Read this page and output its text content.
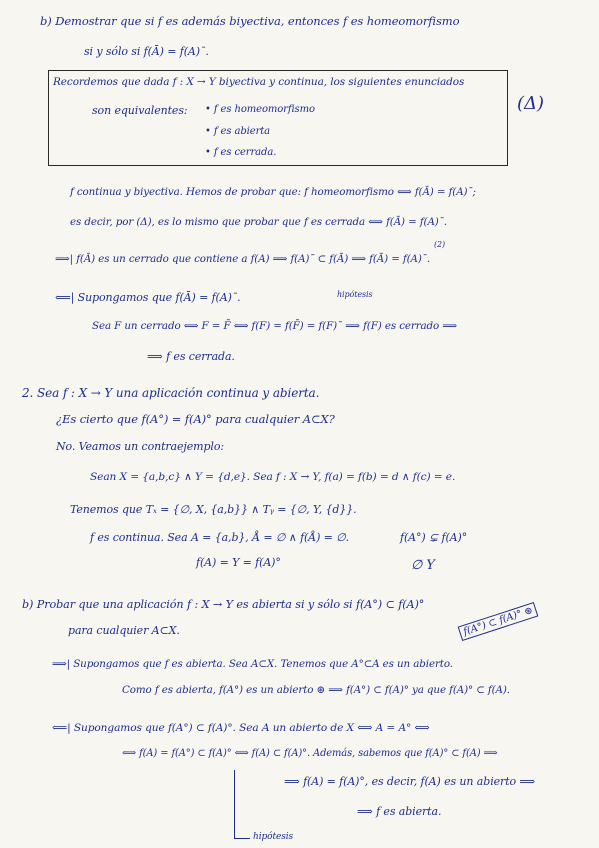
b) Demostrar que si f es además biyectiva, entonces f es homeomorfismo
si y sólo si f(Ā) = f(A)¯.
Recordemos que dada f : X → Y biyectiva y continua, los siguientes enunciados
son equivalentes: • f es homeomorfismo
• f es abierta
• f es cerrada.
(Δ)
f continua y biyectiva. Hemos de probar que: f homeomorfismo ⟺ f(Ā) = f(A)¯;
es decir, por (Δ), es lo mismo que probar que f es cerrada ⟺ f(Ā) = f(A)¯.
⟹| f(Ā) es un cerrado que contiene a f(A) ⟹ f(A)¯ ⊂ f(Ā) ⟹ f(Ā) = f(A)¯.
(2)
⟸| Supongamos que f(Ā) = f(A)¯.	hipótesis
Sea F un cerrado ⟺ F = F̄ ⟺ f(F) = f(F̄) = f(F)¯ ⟹ f(F) es cerrado ⟹
⟹ f es cerrada.
2. Sea f : X → Y una aplicación continua y abierta.
¿Es cierto que f(A°) = f(A)° para cualquier A⊂X?
No. Veamos un contraejemplo:
Sean X = {a,b,c} ∧ Y = {d,e}. Sea f : X → Y, f(a) = f(b) = d ∧ f(c) = e.
Tenemos que Tₓ = {∅, X, {a,b}} ∧ Tᵧ = {∅, Y, {d}}.
f es continua. Sea A = {a,b}, Å = ∅ ∧ f(Å) = ∅.	f(A°) ⊊ f(A)°
f(A) = Y = f(A)°	∅ Y
b) Probar que una aplicación f : X → Y es abierta si y sólo si f(A°) ⊂ f(A)°
para cualquier A⊂X.	f(A°) ⊂ f(A)° ⊛
⟹| Supongamos que f es abierta. Sea A⊂X. Tenemos que A°⊂A es un abierto.
Como f es abierta, f(A°) es un abierto ⊛ ⟹ f(A°) ⊂ f(A)° ya que f(A)° ⊂ f(A).
⟸| Supongamos que f(A°) ⊂ f(A)°. Sea A un abierto de X ⟺ A = A° ⟺
⟺ f(A) = f(A°) ⊂ f(A)° ⟺ f(A) ⊂ f(A)°. Además, sabemos que f(A)° ⊂ f(A) ⟹
⟹ f(A) = f(A)°, es decir, f(A) es un abierto ⟹
⟹ f es abierta.
hipótesis
